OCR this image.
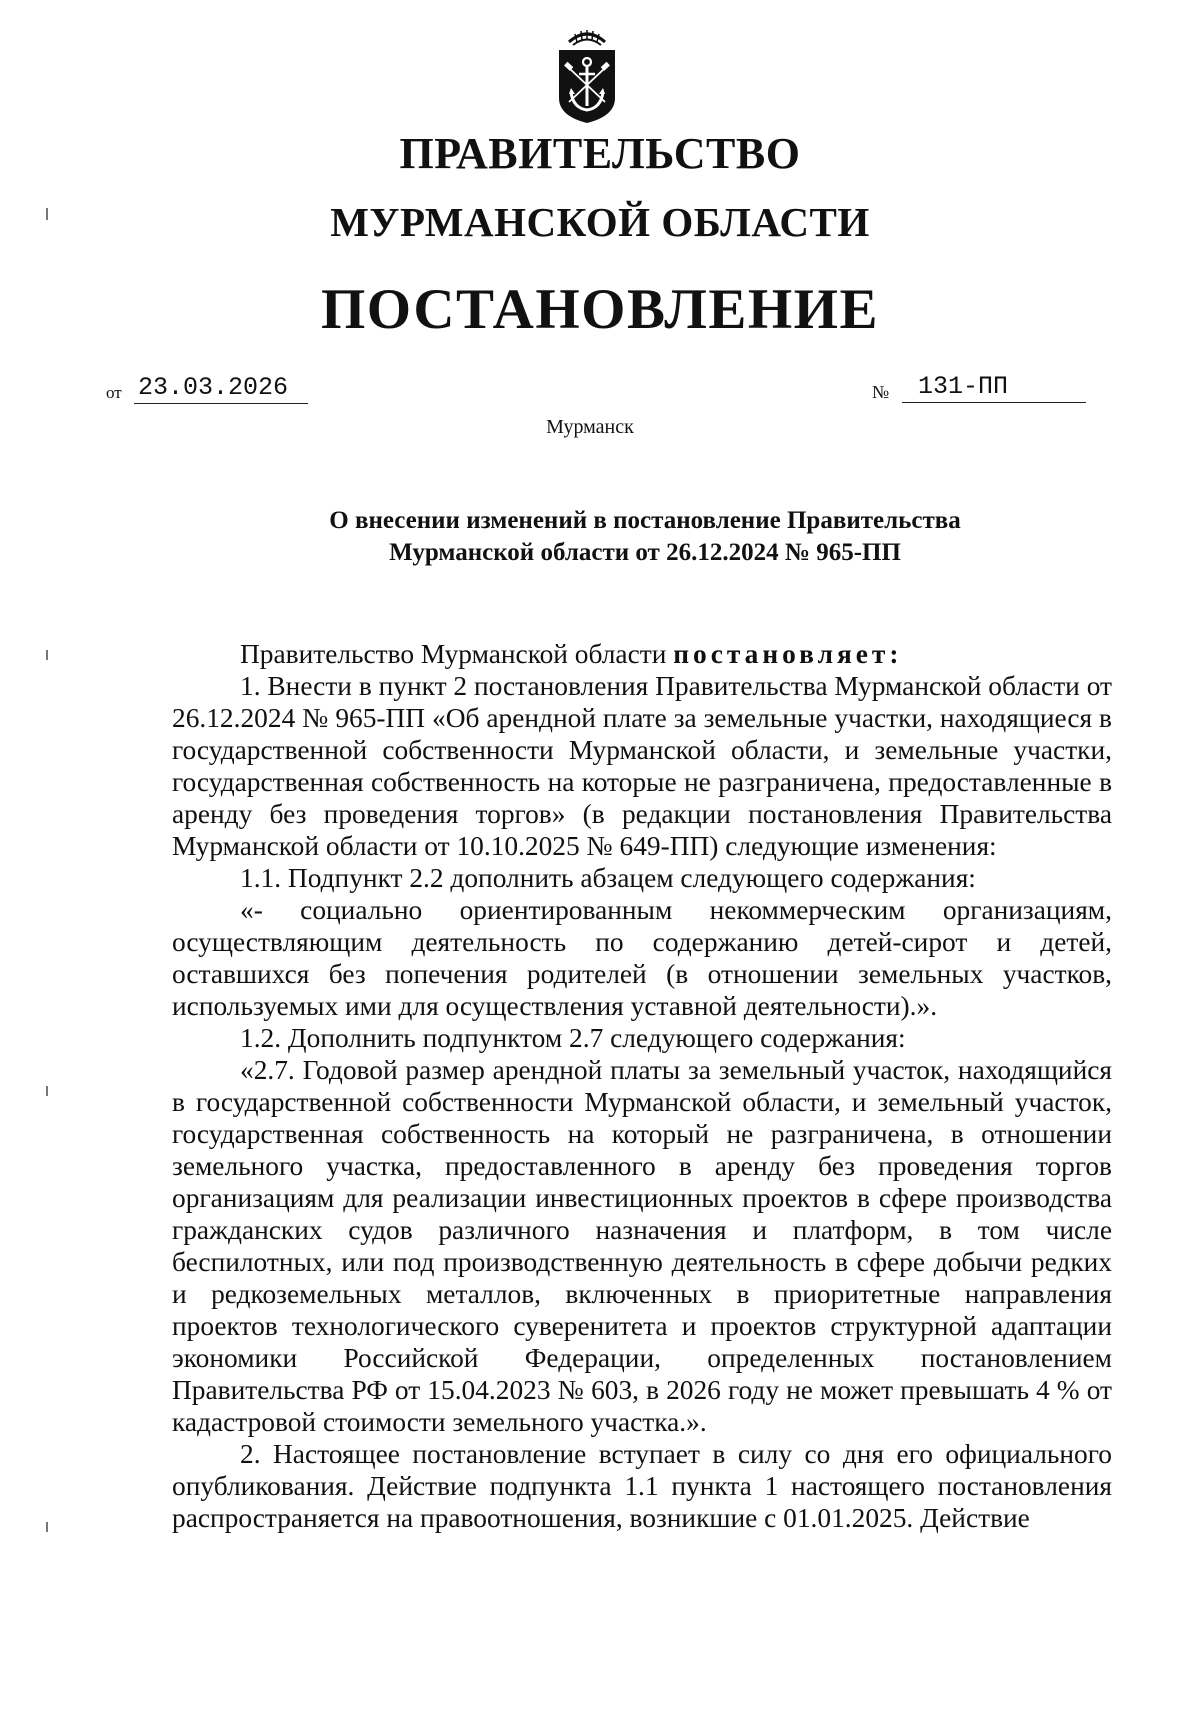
ПРАВИТЕЛЬСТВО
МУРМАНСКОЙ ОБЛАСТИ
ПОСТАНОВЛЕНИЕ
от 23.03.2026	№	131-ПП
Мурманск
О внесении изменений в постановление Правительства
Мурманской области от 26.12.2024 № 965-ПП

Правительство Мурманской области постановляет:

1. Внести в пункт 2 постановления Правительства Мурманской области от 26.12.2024 № 965-ПП «Об арендной плате за земельные участки, находящиеся в государственной собственности Мурманской области, и земельные участки, государственная собственность на которые не разграничена, предоставленные в аренду без проведения торгов» (в редакции постановления Правительства Мурманской области от 10.10.2025 № 649-ПП) следующие изменения:

1.1. Подпункт 2.2 дополнить абзацем следующего содержания:

«- социально ориентированным некоммерческим организациям, осуществляющим деятельность по содержанию детей-сирот и детей, оставшихся без попечения родителей (в отношении земельных участков, используемых ими для осуществления уставной деятельности).».

1.2. Дополнить подпунктом 2.7 следующего содержания:

«2.7. Годовой размер арендной платы за земельный участок, находящийся в государственной собственности Мурманской области, и земельный участок, государственная собственность на который не разграничена, в отношении земельного участка, предоставленного в аренду без проведения торгов организациям для реализации инвестиционных проектов в сфере производства гражданских судов различного назначения и платформ, в том числе беспилотных, или под производственную деятельность в сфере добычи редких и редкоземельных металлов, включенных в приоритетные направления проектов технологического суверенитета и проектов структурной адаптации экономики Российской Федерации, определенных постановлением Правительства РФ от 15.04.2023 № 603, в 2026 году не может превышать 4 % от кадастровой стоимости земельного участка.».

2. Настоящее постановление вступает в силу со дня его официального опубликования. Действие подпункта 1.1 пункта 1 настоящего постановления распространяется на правоотношения, возникшие с 01.01.2025. Действие
